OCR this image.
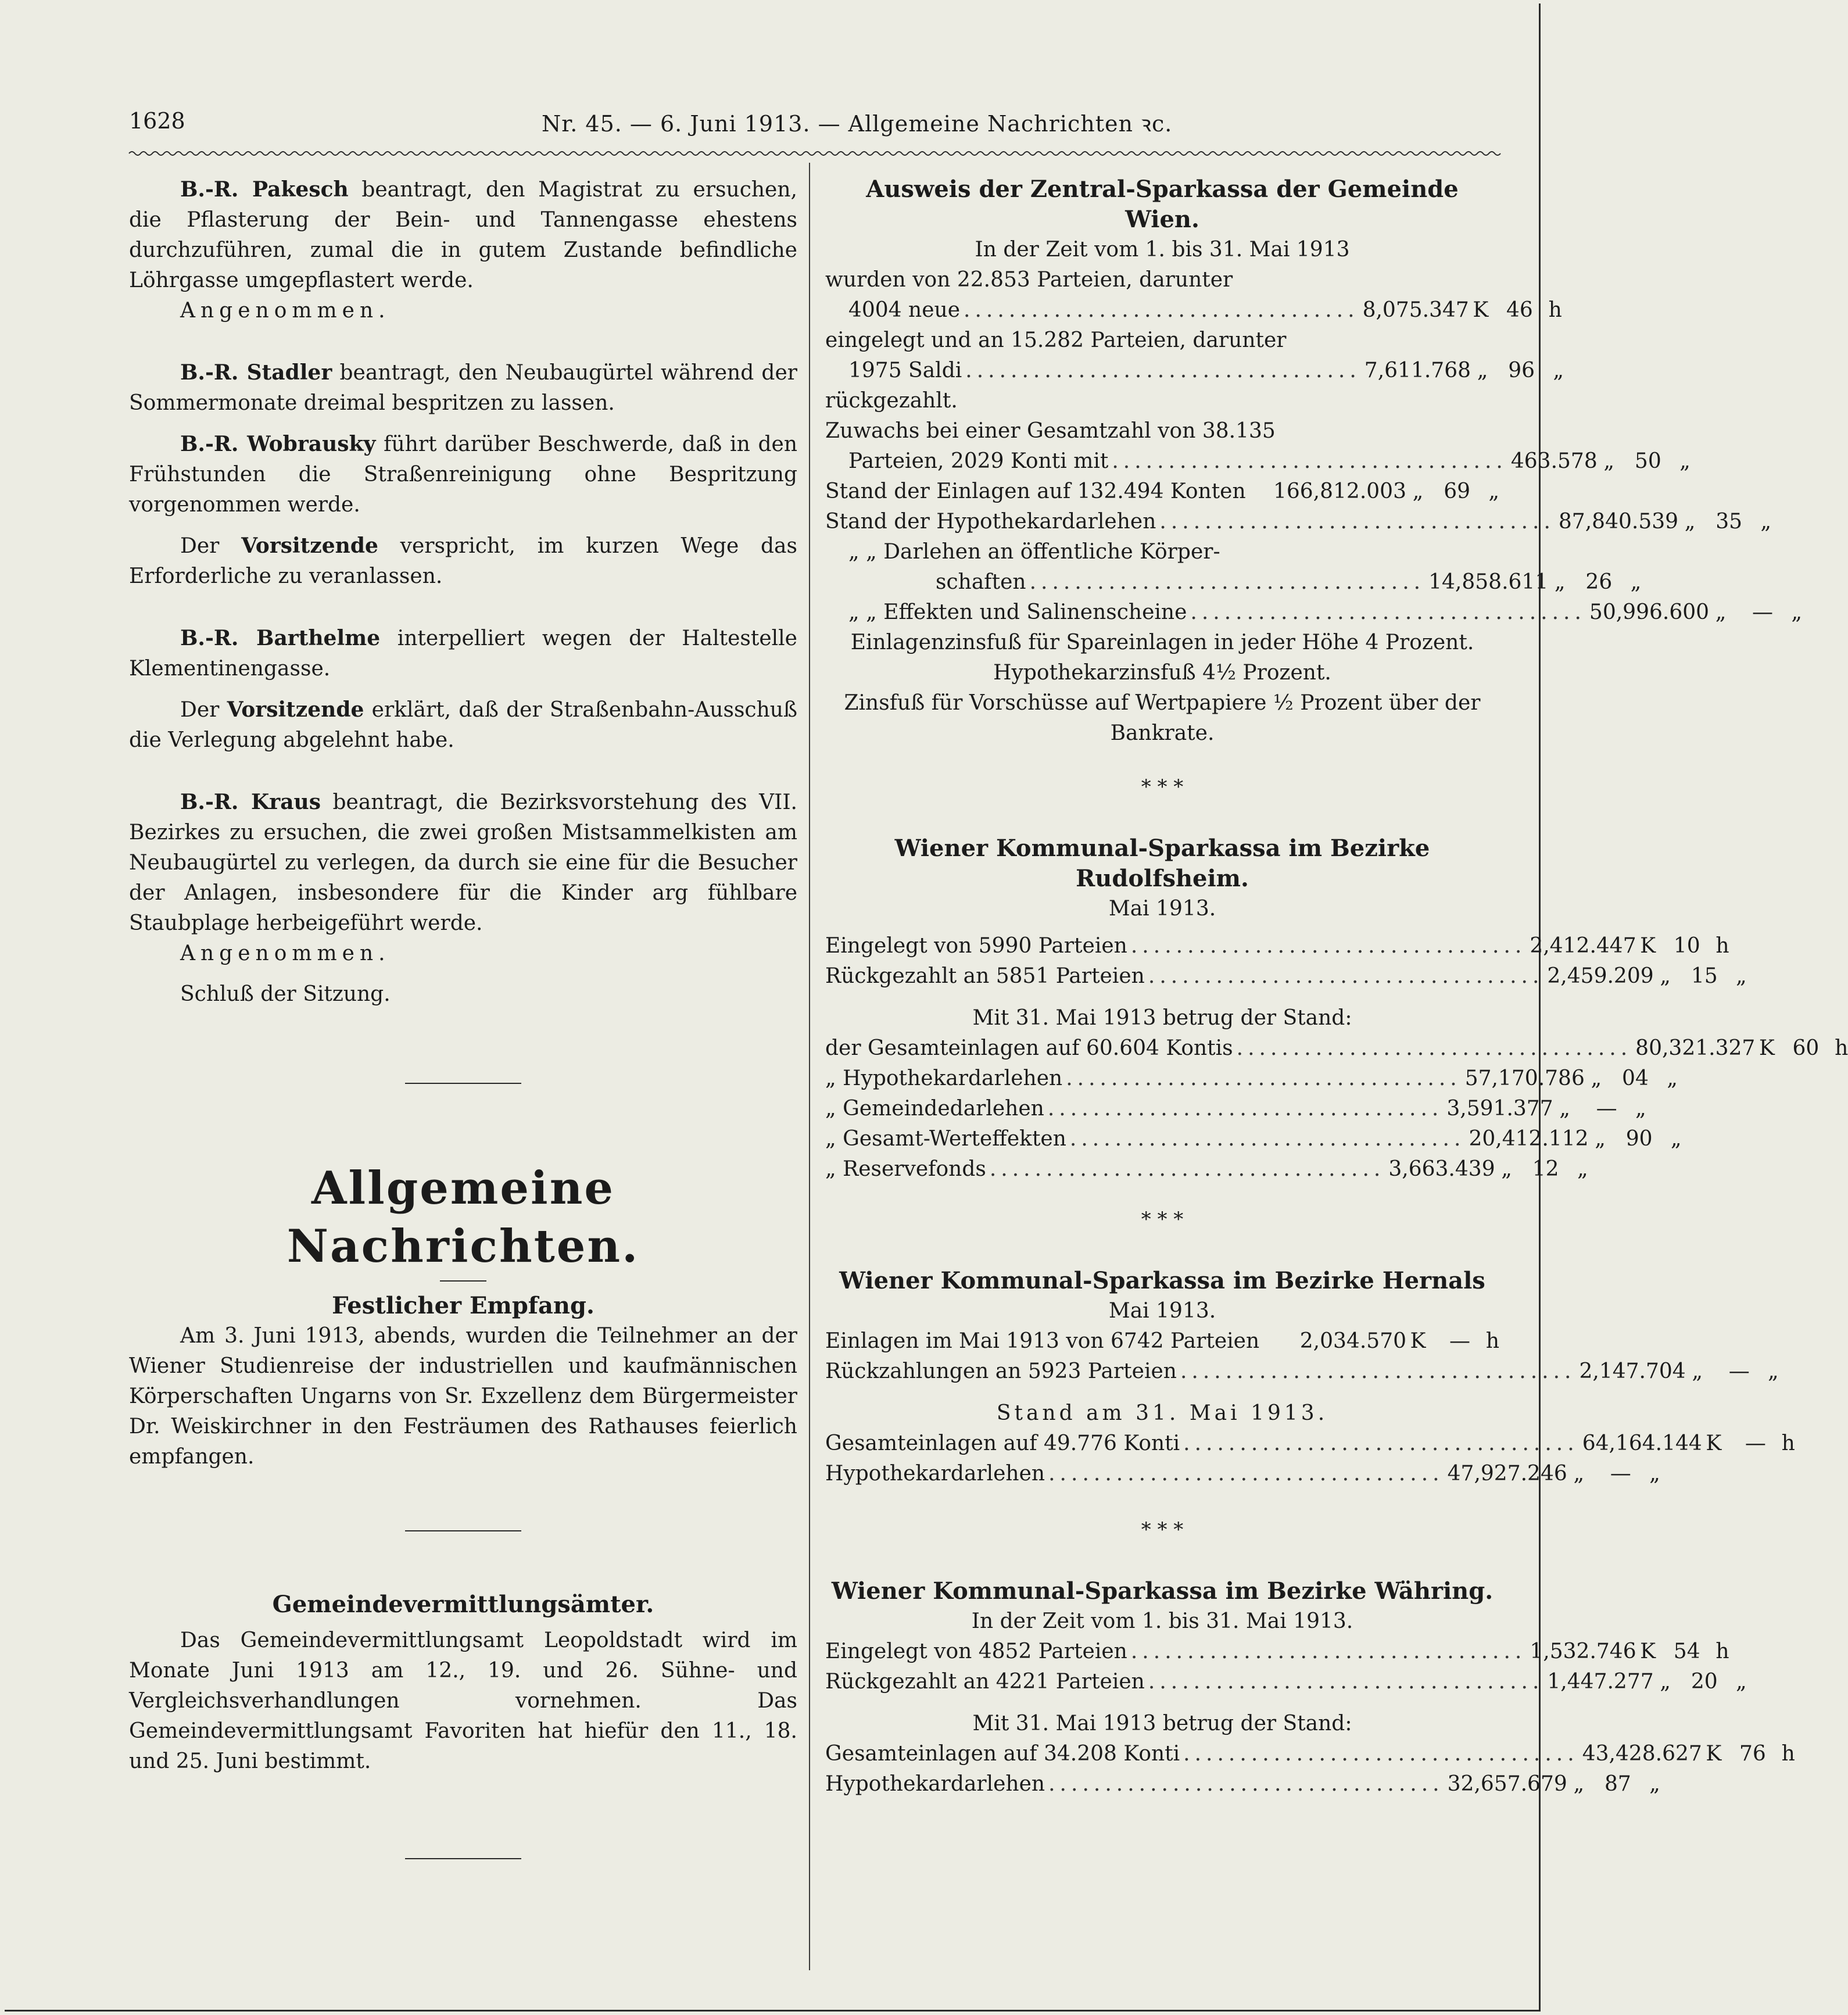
1628	Nr. 45. — 6. Juni 1913. — Allgemeine Nachrichten ꝛc.

B.-R. Pakesch beantragt, den Magistrat zu ersuchen, die Pflasterung der Bein- und Tannengasse ehestens durchzuführen, zumal die in gutem Zustande befindliche Löhrgasse umgepflastert werde.

Angenommen.

B.-R. Stadler beantragt, den Neubaugürtel während der Sommermonate dreimal bespritzen zu lassen.

B.-R. Wobrausky führt darüber Beschwerde, daß in den Frühstunden die Straßenreinigung ohne Bespritzung vorgenommen werde.

Der Vorsitzende verspricht, im kurzen Wege das Erforderliche zu veranlassen.

B.-R. Barthelme interpelliert wegen der Haltestelle Klementinengasse.

Der Vorsitzende erklärt, daß der Straßenbahn-Ausschuß die Verlegung abgelehnt habe.

B.-R. Kraus beantragt, die Bezirksvorstehung des VII. Bezirkes zu ersuchen, die zwei großen Mistsammelkisten am Neubaugürtel zu verlegen, da durch sie eine für die Besucher der Anlagen, insbesondere für die Kinder arg fühlbare Staubplage herbeigeführt werde.

Angenommen.

Schluß der Sitzung.

Allgemeine Nachrichten.
Festlicher Empfang.

Am 3. Juni 1913, abends, wurden die Teilnehmer an der Wiener Studienreise der industriellen und kaufmännischen Körperschaften Ungarns von Sr. Exzellenz dem Bürgermeister Dr. Weiskirchner in den Festräumen des Rathauses feierlich empfangen.

Gemeindevermittlungsämter.

Das Gemeindevermittlungsamt Leopoldstadt wird im Monate Juni 1913 am 12., 19. und 26. Sühne- und Vergleichsverhandlungen vornehmen. Das Gemeindevermittlungsamt Favoriten hat hiefür den 11., 18. und 25. Juni bestimmt.

Ausweis der Zentral-Sparkassa der Gemeinde Wien.

In der Zeit vom 1. bis 31. Mai 1913

wurden von 22.853 Parteien, darunter

4004 neue ................................... 8,075.347 K 46 h

eingelegt und an 15.282 Parteien, darunter

1975 Saldi ................................... 7,611.768 „ 96 „

rückgezahlt.

Zuwachs bei einer Gesamtzahl von 38.135

Parteien, 2029 Konti mit ................................... 463.578 „ 50 „
Stand der Einlagen auf 132.494 Konten 166,812.003 „ 69 „
Stand der Hypothekardarlehen ................................... 87,840.539 „ 35 „

„ „ Darlehen an öffentliche Körper-

schaften ................................... 14,858.611 „ 26 „
„ „ Effekten und Salinenscheine ................................... 50,996.600 „	— „

Einlagenzinsfuß für Spareinlagen in jeder Höhe 4 Prozent.

Hypothekarzinsfuß 4½ Prozent.

Zinsfuß für Vorschüsse auf Wertpapiere ½ Prozent über der Bankrate.

* * *
Wiener Kommunal-Sparkassa im Bezirke Rudolfsheim.

Mai 1913.

Eingelegt von 5990 Parteien ................................... 2,412.447 K 10 h
Rückgezahlt an 5851 Parteien ................................... 2,459.209 „ 15 „

Mit 31. Mai 1913 betrug der Stand:

der Gesamteinlagen auf 60.604 Kontis ................................... 80,321.327 K 60 h
„ Hypothekardarlehen ................................... 57,170.786 „ 04 „
„ Gemeindedarlehen ................................... 3,591.377 „	— „
„ Gesamt-Werteffekten ................................... 20,412.112 „ 90 „
„ Reservefonds ................................... 3,663.439 „ 12 „
* * *
Wiener Kommunal-Sparkassa im Bezirke Hernals

Mai 1913.

Einlagen im Mai 1913 von 6742 Parteien 2,034.570 K	— h
Rückzahlungen an 5923 Parteien ................................... 2,147.704 „	— „

Stand am 31. Mai 1913.

Gesamteinlagen auf 49.776 Konti ................................... 64,164.144 K	— h
Hypothekardarlehen ................................... 47,927.246 „	— „
* * *
Wiener Kommunal-Sparkassa im Bezirke Währing.

In der Zeit vom 1. bis 31. Mai 1913.

Eingelegt von 4852 Parteien ................................... 1,532.746 K 54 h
Rückgezahlt an 4221 Parteien ................................... 1,447.277 „ 20 „

Mit 31. Mai 1913 betrug der Stand:

Gesamteinlagen auf 34.208 Konti ................................... 43,428.627 K 76 h
Hypothekardarlehen ................................... 32,657.679 „ 87 „
